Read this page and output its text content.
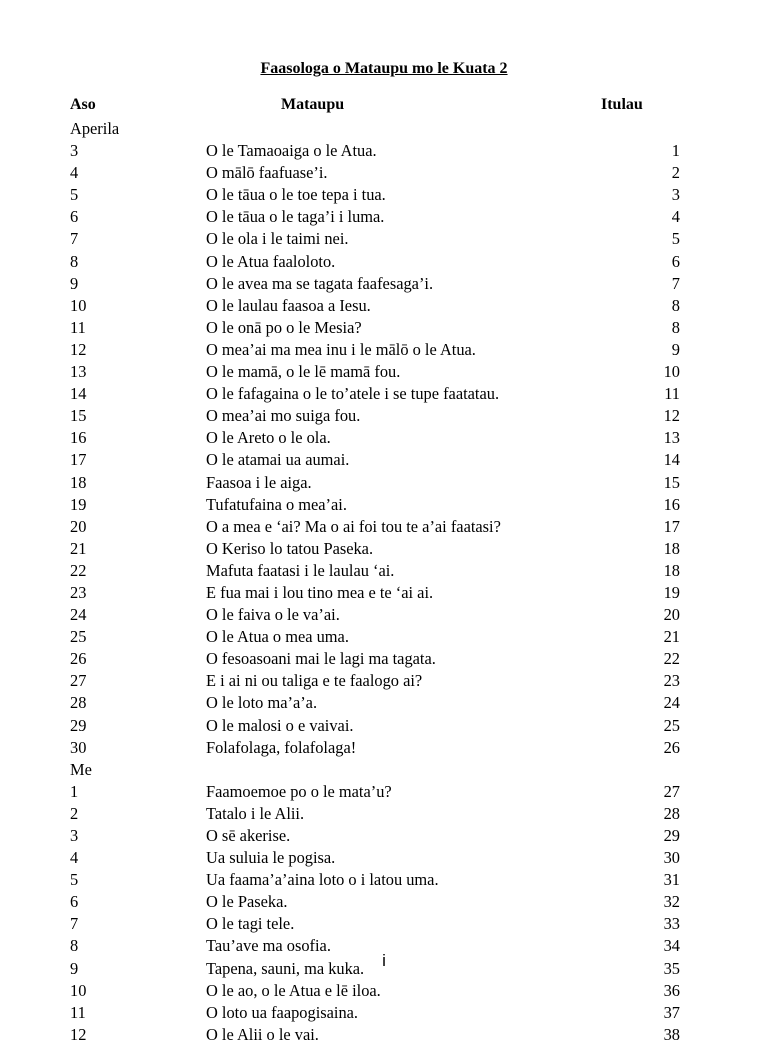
Faasologa o Mataupu mo le Kuata 2
Aso	Mataupu	Itulau
Aperila
3	O le Tamaoaiga o le Atua.	1
4	O mālō faafuase’i.	2
5	O le tāua o le toe tepa i tua.	3
6	O le tāua o le taga’i i luma.	4
7	O le ola i le taimi nei.	5
8	O le Atua faaloloto.	6
9	O le avea ma se tagata faafesaga’i.	7
10	O le laulau faasoa a Iesu.	8
11	O le onā po o le Mesia?	8
12	O mea’ai ma mea inu i le mālō o le Atua.	9
13	O le mamā, o le lē mamā fou.	10
14	O le fafagaina o le to’atele i se tupe faatatau.	11
15	O mea’ai mo suiga fou.	12
16	O le Areto o le ola.	13
17	O le atamai ua aumai.	14
18	Faasoa i le aiga.	15
19	Tufatufaina o mea’ai.	16
20	O a mea e ‘ai? Ma o ai foi tou te a’ai faatasi?	17
21	O Keriso lo tatou Paseka.	18
22	Mafuta faatasi i le laulau ‘ai.	18
23	E fua mai i lou tino mea e te ‘ai ai.	19
24	O le faiva o le va’ai.	20
25	O le Atua o mea uma.	21
26	O fesoasoani mai le lagi ma tagata.	22
27	E i ai ni ou taliga e te faalogo ai?	23
28	O le loto ma’a’a.	24
29	O le malosi o e vaivai.	25
30	Folafolaga, folafolaga!	26
Me
1	Faamoemoe po o le mata’u?	27
2	Tatalo i le Alii.	28
3	O sē akerise.	29
4	Ua suluia le pogisa.	30
5	Ua faama’a’aina loto o i latou uma.	31
6	O le Paseka.	32
7	O le tagi tele.	33
8	Tau’ave ma osofia.	34
9	Tapena, sauni, ma kuka.	35
10	O le ao, o le Atua e lē iloa.	36
11	O loto ua faapogisaina.	37
12	O le Alii o le vai.	38
i
